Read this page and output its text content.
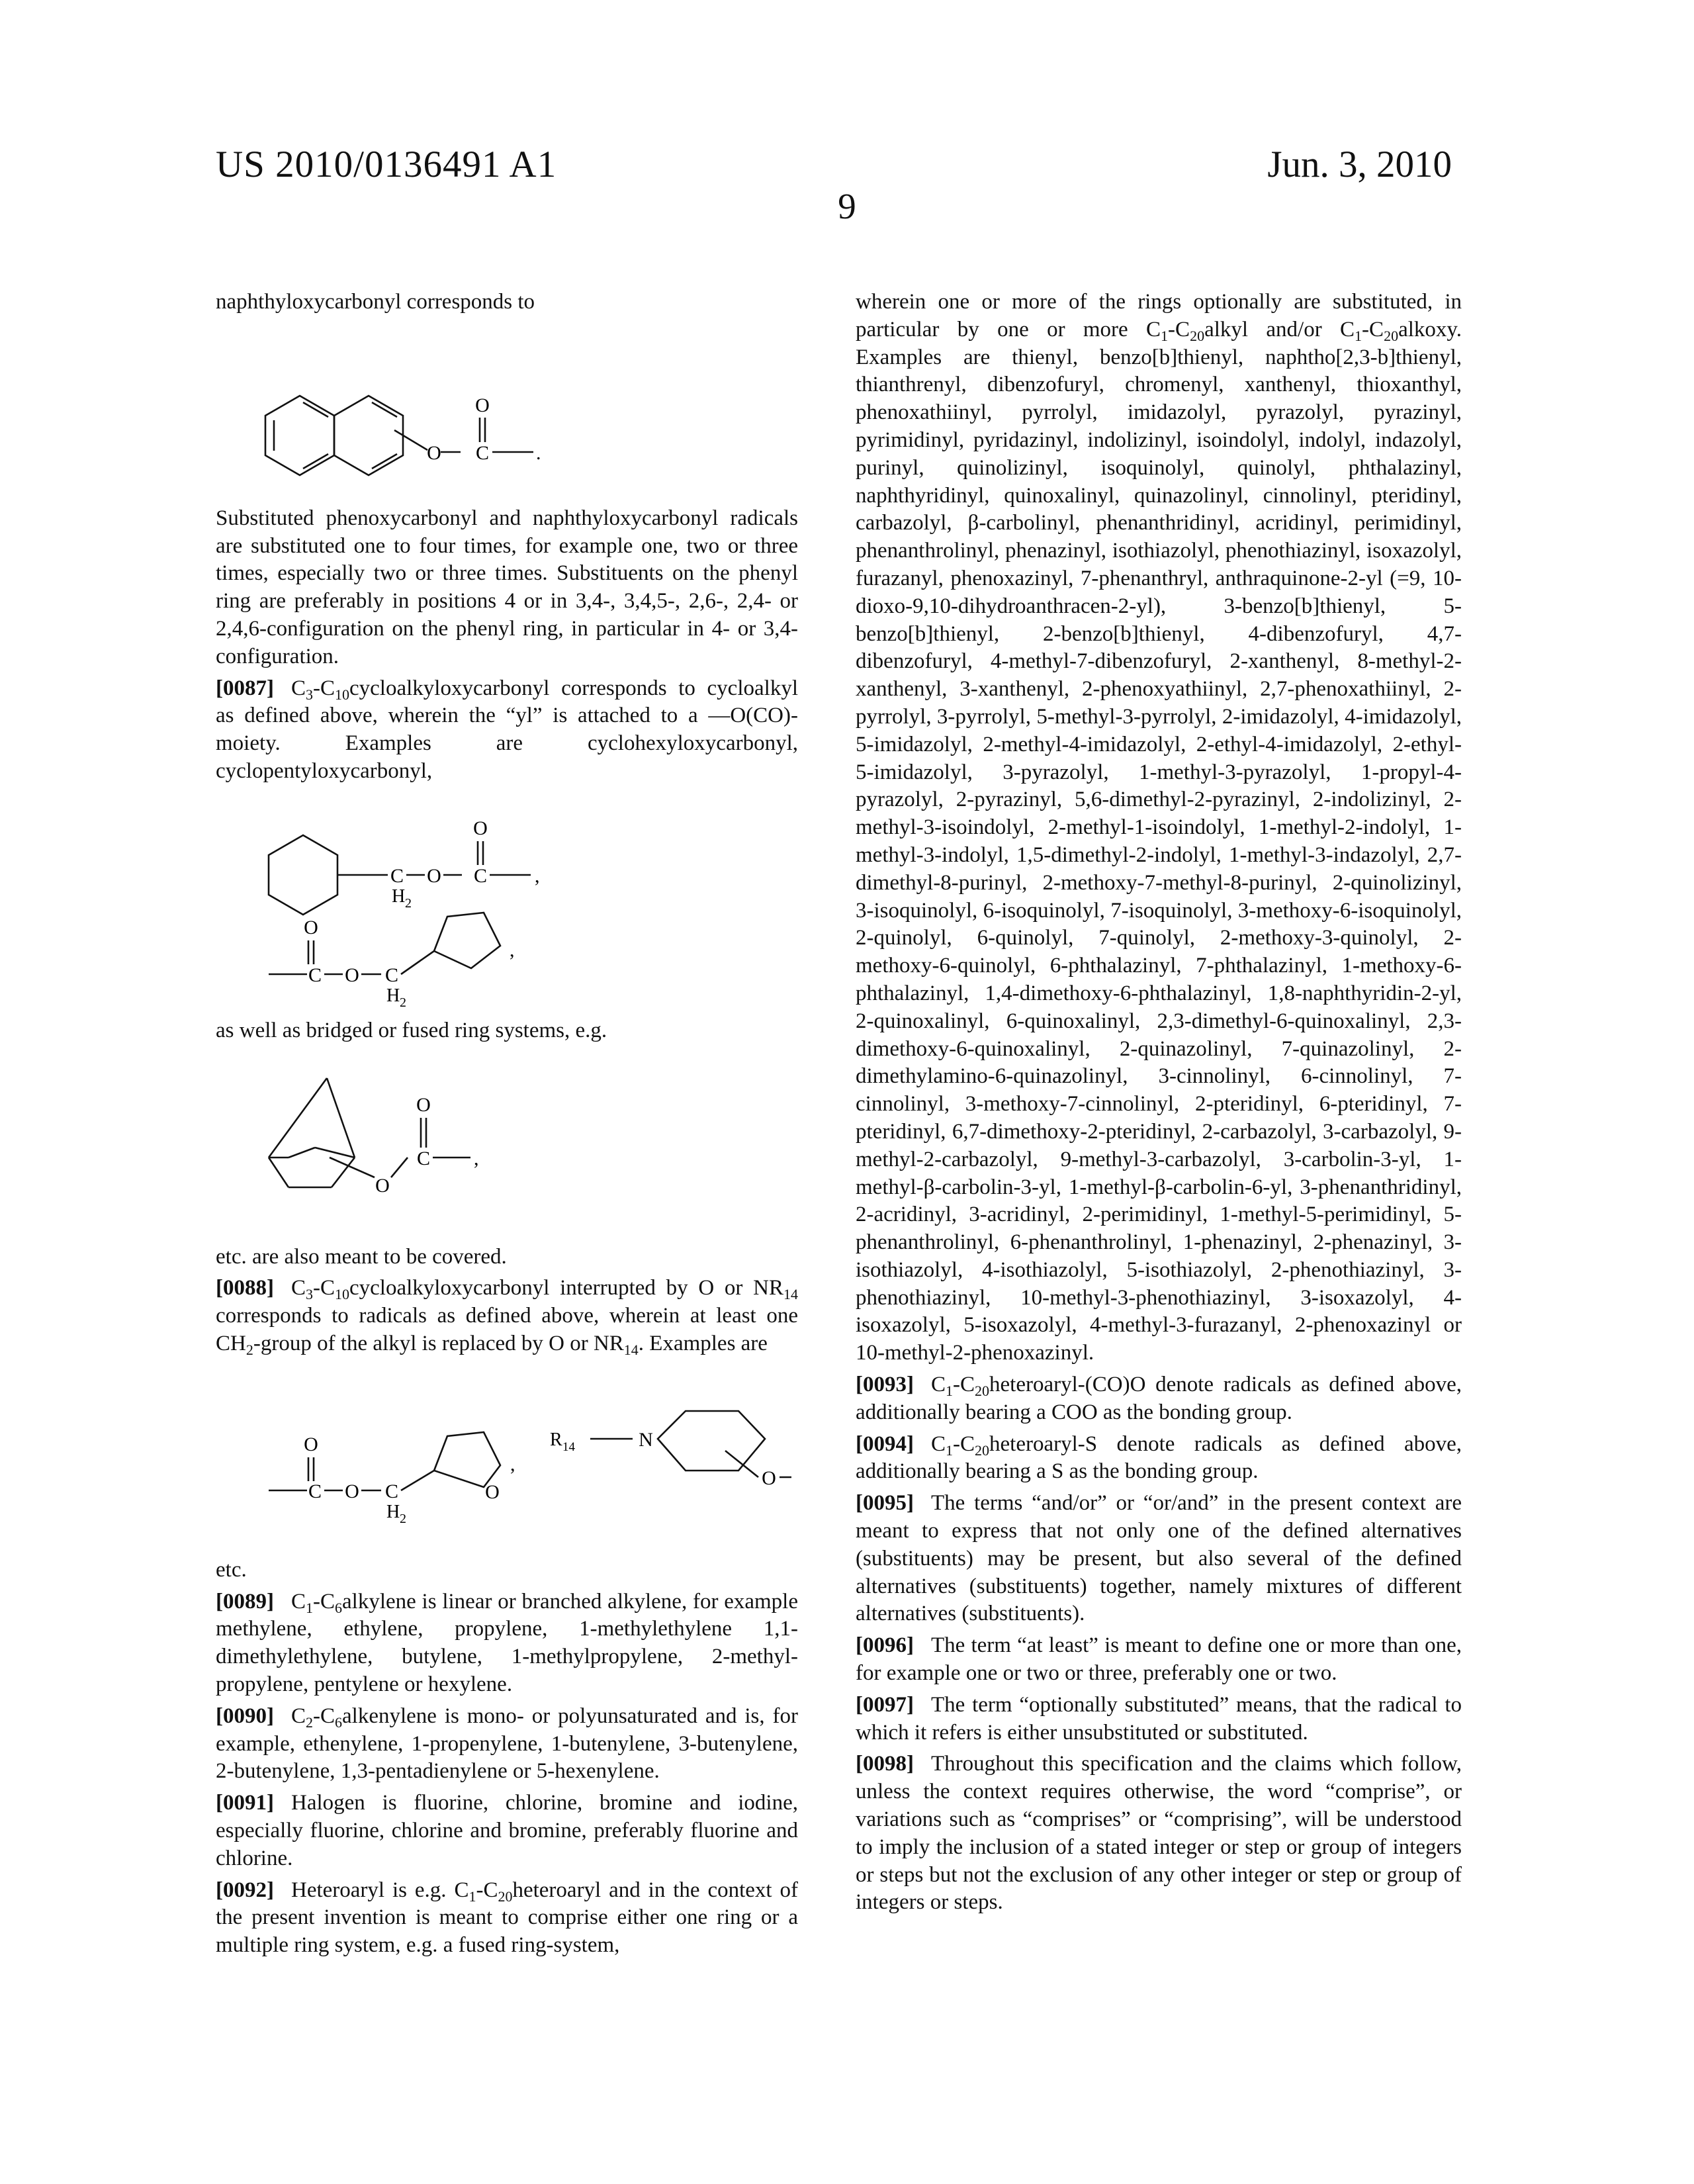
US 2010/0136491 A1	Jun. 3, 2010
9

naphthyloxycarbonyl corresponds to

O
O
C .

Substituted phenoxycarbonyl and naphthyloxycarbonyl radicals are substituted one to four times, for example one, two or three times, especially two or three times. Substituents on the phenyl ring are preferably in positions 4 or in 3,4-, 3,4,5-, 2,6-, 2,4- or 2,4,6-configuration on the phenyl ring, in particular in 4- or 3,4-configuration.

[0087] C3-C10cycloalkyloxycarbonyl corresponds to cycloalkyl as defined above, wherein the “yl” is attached to a —O(CO)-moiety. Examples are cyclohexyloxycarbonyl, cyclopentyloxycarbonyl,

O
C
H 2
O C ,
O
C O C
H 2
,

as well as bridged or fused ring systems, e.g.

O
O
C ,

etc. are also meant to be covered.

[0088] C3-C10cycloalkyloxycarbonyl interrupted by O or NR14 corresponds to radicals as defined above, wherein at least one CH2-group of the alkyl is replaced by O or NR14. Examples are

O
C O C
H 2
O
,
R 14	N
O

etc.

[0089] C1-C6alkylene is linear or branched alkylene, for example methylene, ethylene, propylene, 1-methylethylene 1,1-dimethylethylene, butylene, 1-methylpropylene, 2-methyl-propylene, pentylene or hexylene.

[0090] C2-C6alkenylene is mono- or polyunsaturated and is, for example, ethenylene, 1-propenylene, 1-butenylene, 3-butenylene, 2-butenylene, 1,3-pentadienylene or 5-hexenylene.

[0091] Halogen is fluorine, chlorine, bromine and iodine, especially fluorine, chlorine and bromine, preferably fluorine and chlorine.

[0092] Heteroaryl is e.g. C1-C20heteroaryl and in the context of the present invention is meant to comprise either one ring or a multiple ring system, e.g. a fused ring-system,

wherein one or more of the rings optionally are substituted, in particular by one or more C1-C20alkyl and/or C1-C20alkoxy. Examples are thienyl, benzo[b]thienyl, naphtho[2,3-b]thienyl, thianthrenyl, dibenzofuryl, chromenyl, xanthenyl, thioxanthyl, phenoxathiinyl, pyrrolyl, imidazolyl, pyrazolyl, pyrazinyl, pyrimidinyl, pyridazinyl, indolizinyl, isoindolyl, indolyl, indazolyl, purinyl, quinolizinyl, isoquinolyl, quinolyl, phthalazinyl, naphthyridinyl, quinoxalinyl, quinazolinyl, cinnolinyl, pteridinyl, carbazolyl, β-carbolinyl, phenanthridinyl, acridinyl, perimidinyl, phenanthrolinyl, phenazinyl, isothiazolyl, phenothiazinyl, isoxazolyl, furazanyl, phenoxazinyl, 7-phenanthryl, anthraquinone-2-yl (=9, 10-dioxo-9,10-dihydroanthracen-2-yl), 3-benzo[b]thienyl, 5-benzo[b]thienyl, 2-benzo[b]thienyl, 4-dibenzofuryl, 4,7-dibenzofuryl, 4-methyl-7-dibenzofuryl, 2-xanthenyl, 8-methyl-2-xanthenyl, 3-xanthenyl, 2-phenoxyathiinyl, 2,7-phenoxathiinyl, 2-pyrrolyl, 3-pyrrolyl, 5-methyl-3-pyrrolyl, 2-imidazolyl, 4-imidazolyl, 5-imidazolyl, 2-methyl-4-imidazolyl, 2-ethyl-4-imidazolyl, 2-ethyl-5-imidazolyl, 3-pyrazolyl, 1-methyl-3-pyrazolyl, 1-propyl-4-pyrazolyl, 2-pyrazinyl, 5,6-dimethyl-2-pyrazinyl, 2-indolizinyl, 2-methyl-3-isoindolyl, 2-methyl-1-isoindolyl, 1-methyl-2-indolyl, 1-methyl-3-indolyl, 1,5-dimethyl-2-indolyl, 1-methyl-3-indazolyl, 2,7-dimethyl-8-purinyl, 2-methoxy-7-methyl-8-purinyl, 2-quinolizinyl, 3-isoquinolyl, 6-isoquinolyl, 7-isoquinolyl, 3-methoxy-6-isoquinolyl, 2-quinolyl, 6-quinolyl, 7-quinolyl, 2-methoxy-3-quinolyl, 2-methoxy-6-quinolyl, 6-phthalazinyl, 7-phthalazinyl, 1-methoxy-6-phthalazinyl, 1,4-dimethoxy-6-phthalazinyl, 1,8-naphthyridin-2-yl, 2-quinoxalinyl, 6-quinoxalinyl, 2,3-dimethyl-6-quinoxalinyl, 2,3-dimethoxy-6-quinoxalinyl, 2-quinazolinyl, 7-quinazolinyl, 2-dimethylamino-6-quinazolinyl, 3-cinnolinyl, 6-cinnolinyl, 7-cinnolinyl, 3-methoxy-7-cinnolinyl, 2-pteridinyl, 6-pteridinyl, 7-pteridinyl, 6,7-dimethoxy-2-pteridinyl, 2-carbazolyl, 3-carbazolyl, 9-methyl-2-carbazolyl, 9-methyl-3-carbazolyl, 3-carbolin-3-yl, 1-methyl-β-carbolin-3-yl, 1-methyl-β-carbolin-6-yl, 3-phenanthridinyl, 2-acridinyl, 3-acridinyl, 2-perimidinyl, 1-methyl-5-perimidinyl, 5-phenanthrolinyl, 6-phenanthrolinyl, 1-phenazinyl, 2-phenazinyl, 3-isothiazolyl, 4-isothiazolyl, 5-isothiazolyl, 2-phenothiazinyl, 3-phenothiazinyl, 10-methyl-3-phenothiazinyl, 3-isoxazolyl, 4-isoxazolyl, 5-isoxazolyl, 4-methyl-3-furazanyl, 2-phenoxazinyl or 10-methyl-2-phenoxazinyl.

[0093] C1-C20heteroaryl-(CO)O denote radicals as defined above, additionally bearing a COO as the bonding group.

[0094] C1-C20heteroaryl-S denote radicals as defined above, additionally bearing a S as the bonding group.

[0095] The terms “and/or” or “or/and” in the present context are meant to express that not only one of the defined alternatives (substituents) may be present, but also several of the defined alternatives (substituents) together, namely mixtures of different alternatives (substituents).

[0096] The term “at least” is meant to define one or more than one, for example one or two or three, preferably one or two.

[0097] The term “optionally substituted” means, that the radical to which it refers is either unsubstituted or substituted.

[0098] Throughout this specification and the claims which follow, unless the context requires otherwise, the word “comprise”, or variations such as “comprises” or “comprising”, will be understood to imply the inclusion of a stated integer or step or group of integers or steps but not the exclusion of any other integer or step or group of integers or steps.
